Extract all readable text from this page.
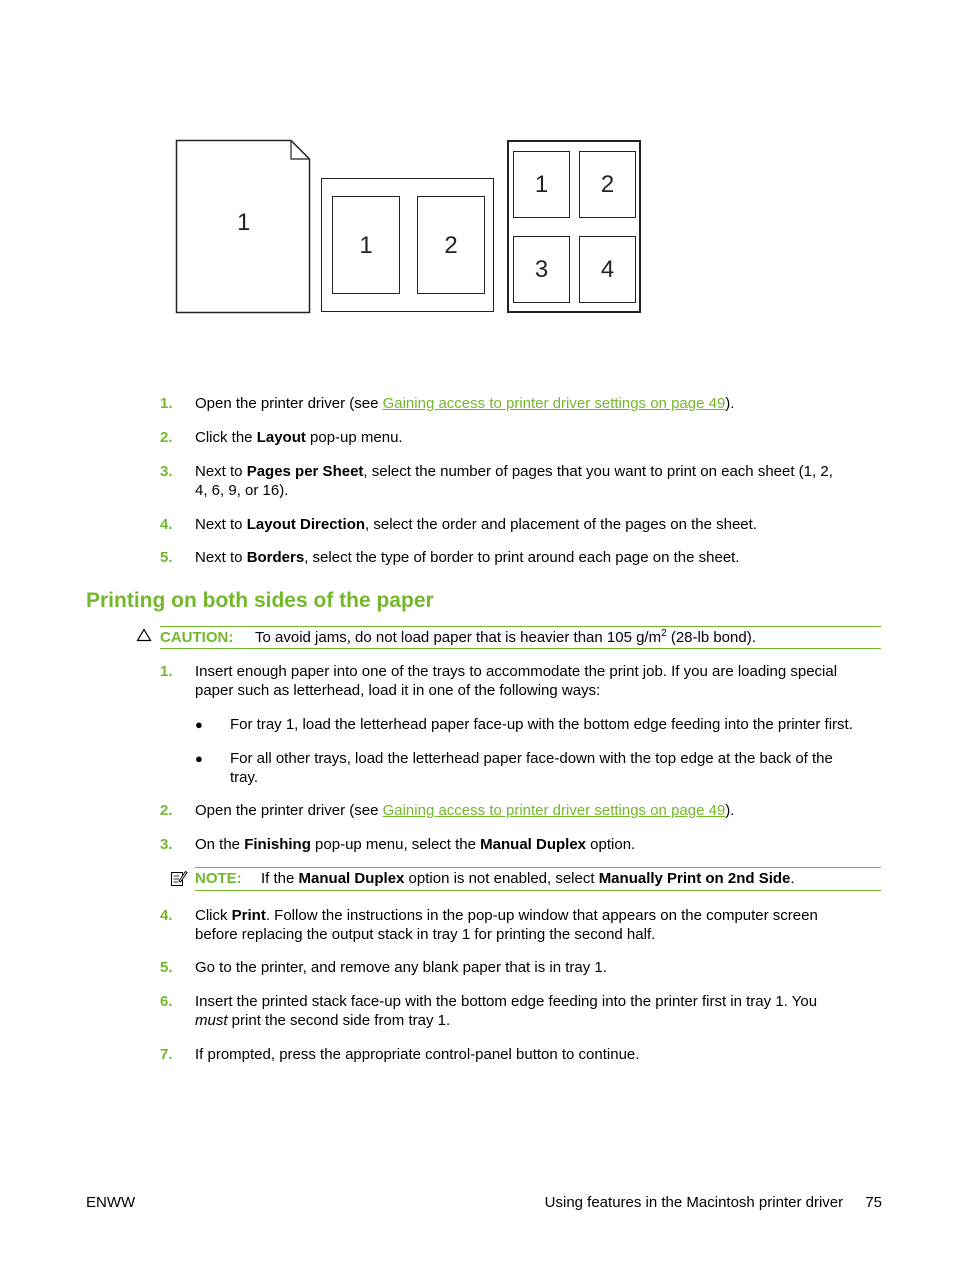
1
1	2
1	2
3	4
1. Open the printer driver (see Gaining access to printer driver settings on page 49).
2. Click the Layout pop-up menu.
3. Next to Pages per Sheet, select the number of pages that you want to print on each sheet (1, 2,
4, 6, 9, or 16).
4. Next to Layout Direction, select the order and placement of the pages on the sheet.
5. Next to Borders, select the type of border to print around each page on the sheet.
Printing on both sides of the paper
CAUTION: To avoid jams, do not load paper that is heavier than 105 $g/m^2$ (28-lb bond).
1. Insert enough paper into one of the trays to accommodate the print job. If you are loading special
paper such as letterhead, load it in one of the following ways:
● For tray 1, load the letterhead paper face-up with the bottom edge feeding into the printer first.
● For all other trays, load the letterhead paper face-down with the top edge at the back of the
tray.
2. Open the printer driver (see Gaining access to printer driver settings on page 49).
3. On the Finishing pop-up menu, select the Manual Duplex option.
NOTE: If the Manual Duplex option is not enabled, select Manually Print on 2nd Side.
4. Click Print. Follow the instructions in the pop-up window that appears on the computer screen
before replacing the output stack in tray 1 for printing the second half.
5. Go to the printer, and remove any blank paper that is in tray 1.
6. Insert the printed stack face-up with the bottom edge feeding into the printer first in tray 1. You
must print the second side from tray 1.
7. If prompted, press the appropriate control-panel button to continue.
ENWW	Using features in the Macintosh printer driver 75
